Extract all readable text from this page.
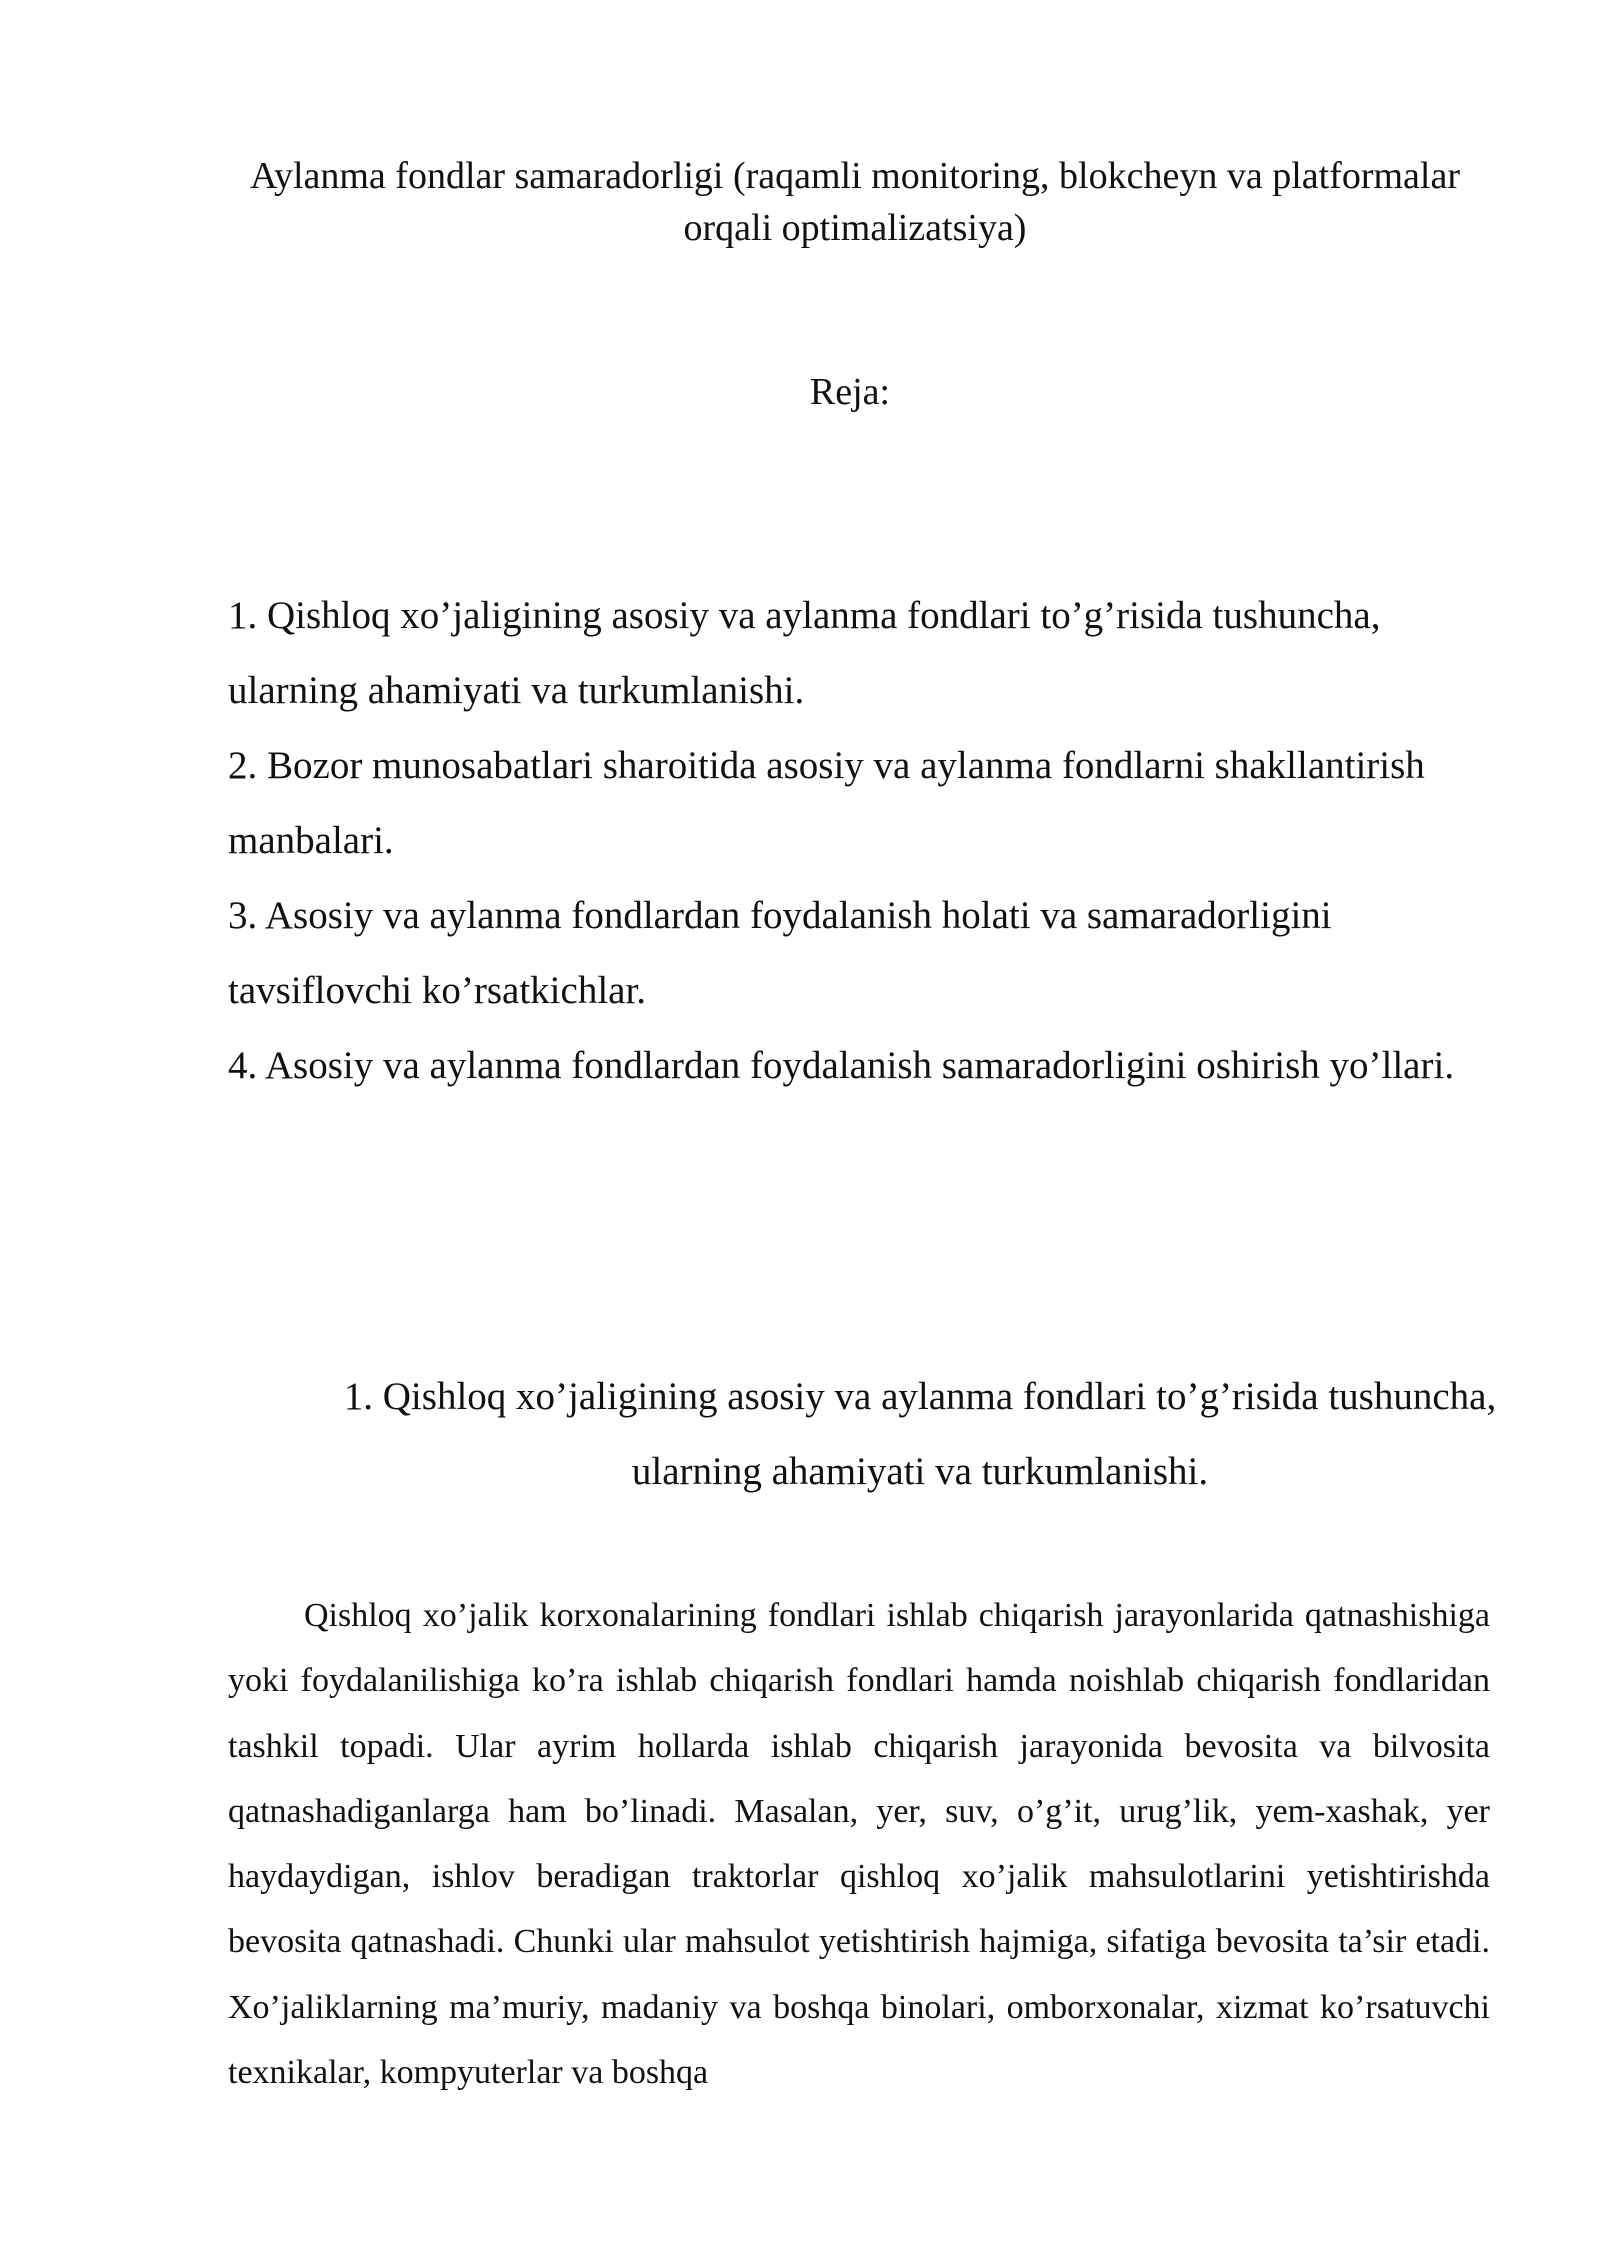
Aylanma fondlar samaradorligi (raqamli monitoring, blokcheyn va platformalar orqali optimalizatsiya)
Reja:
1. Qishloq xo’jaligining asosiy va aylanma fondlari to’g’risida tushuncha, ularning ahamiyati va turkumlanishi.
2. Bozor munosabatlari sharoitida asosiy va aylanma fondlarni shakllantirish manbalari.
3. Asosiy va aylanma fondlardan foydalanish holati va samaradorligini tavsiflovchi ko’rsatkichlar.
4. Asosiy va aylanma fondlardan foydalanish samaradorligini oshirish yo’llari.
1. Qishloq xo’jaligining asosiy va aylanma fondlari to’g’risida tushuncha, ularning ahamiyati va turkumlanishi.

Qishloq xo’jalik korxonalarining fondlari ishlab chiqarish jarayonlarida qatnashishiga yoki foydalanilishiga ko’ra ishlab chiqarish fondlari hamda noishlab chiqarish fondlaridan tashkil topadi. Ular ayrim hollarda ishlab chiqarish jarayonida bevosita va bilvosita qatnashadiganlarga ham bo’linadi. Masalan, yer, suv, o’g’it, urug’lik, yem-xashak, yer haydaydigan, ishlov beradigan traktorlar qishloq xo’jalik mahsulotlarini yetishtirishda bevosita qatnashadi. Chunki ular mahsulot yetishtirish hajmiga, sifatiga bevosita ta’sir etadi. Xo’jaliklarning ma’muriy, madaniy va boshqa binolari, omborxonalar, xizmat ko’rsatuvchi texnikalar, kompyuterlar va boshqa
